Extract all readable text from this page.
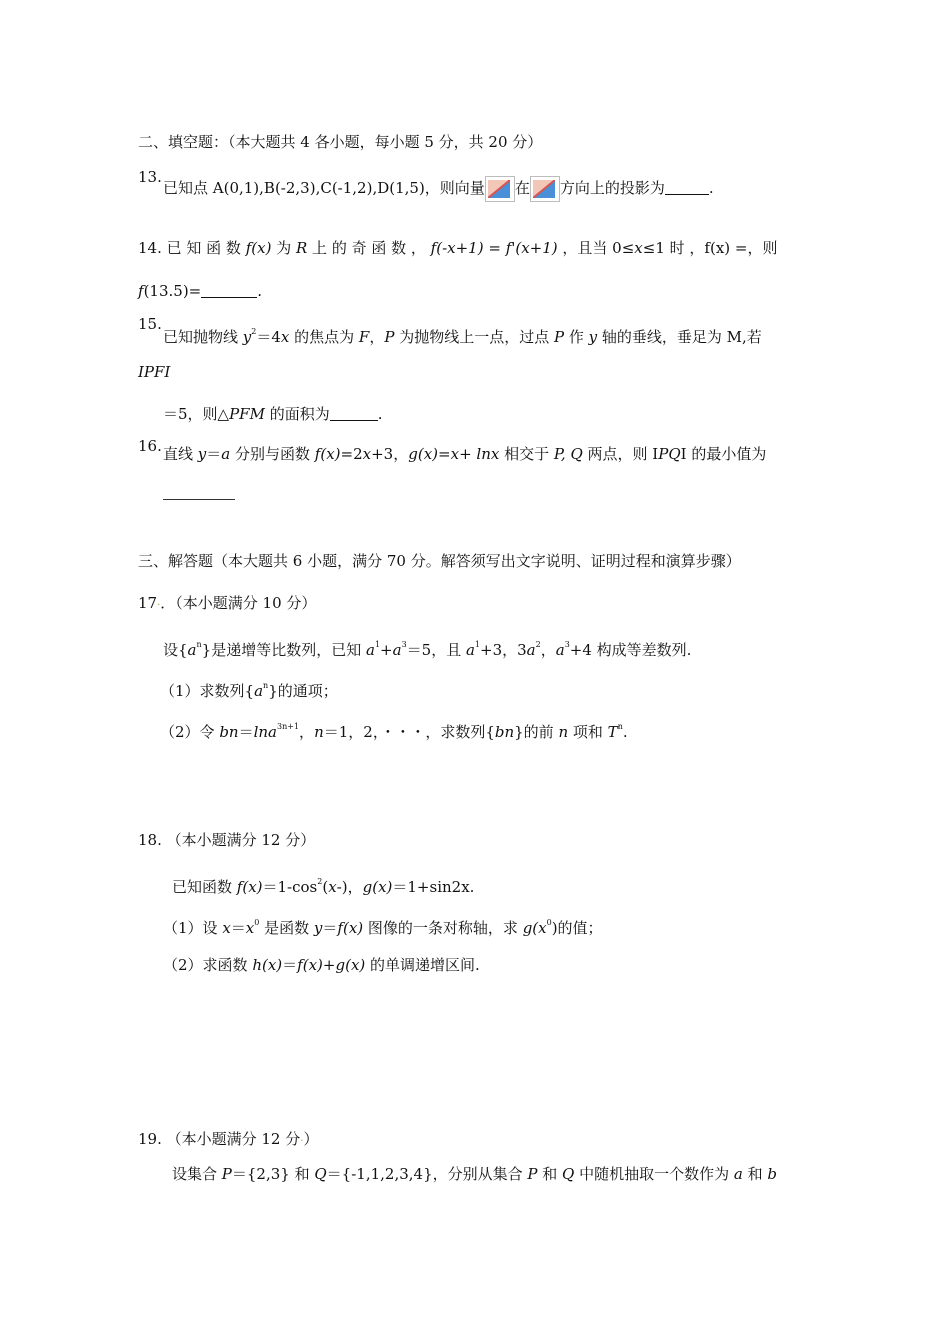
二、填空题：（本大题共 4 各小题，每小题 5 分，共 20 分）
13.
已知点 A(0,1),B(-2,3),C(-1,2),D(1,5)，则向量 在 方向上的投影为	.
14. 已 知 函 数 f(x) 为 R 上 的 奇 函 数 ， f(-x+1) = f'(x+1) ，且当 0≤x≤1 时 ，f(x) =，则
f(13.5)=	.
15.
已知抛物线 $y^2=4x$ 的焦点为 F，P 为抛物线上一点，过点 P 作 y 轴的垂线，垂足为 M,若
IPFI
＝5，则△PFM 的面积为	.
16. 直线 y＝a 分别与函数 f(x)=2x+3，g(x)=x+ lnx 相交于 P, Q 两点，则 IPQI 的最小值为
三、解答题（本大题共 6 小题，满分 70 分。解答须写出文字说明、证明过程和演算步骤）
17·．（本小题满分 10 分）
设$\{a^n\}$是递增等比数列，已知 $a^1+a^3=5$，且 $a^1+3$，$3a^2$，$a^3+4$ 构成等差数列.
（1）求数列$\{a^n\}$的通项；
（2）令 bn＝lna$^{3n+1}$，n＝1，2，・・・，求数列{bn}的前 n 项和 $T^n$.
18. （本小题满分 12 分）
已知函数 $f(x)=1-\cos^2(x-)$，g(x)＝1+sin2x.
（1）设 $x=x^0$ 是函数 y＝f(x) 图像的一条对称轴，求 $g(x^0)$的值；
（2）求函数 h(x)＝f(x)+g(x) 的单调递增区间.
19. （本小题满分 12 分·）
设集合 P＝{2,3} 和 Q＝{-1,1,2,3,4}，分别从集合 P 和 Q 中随机抽取一个数作为 a 和 b
